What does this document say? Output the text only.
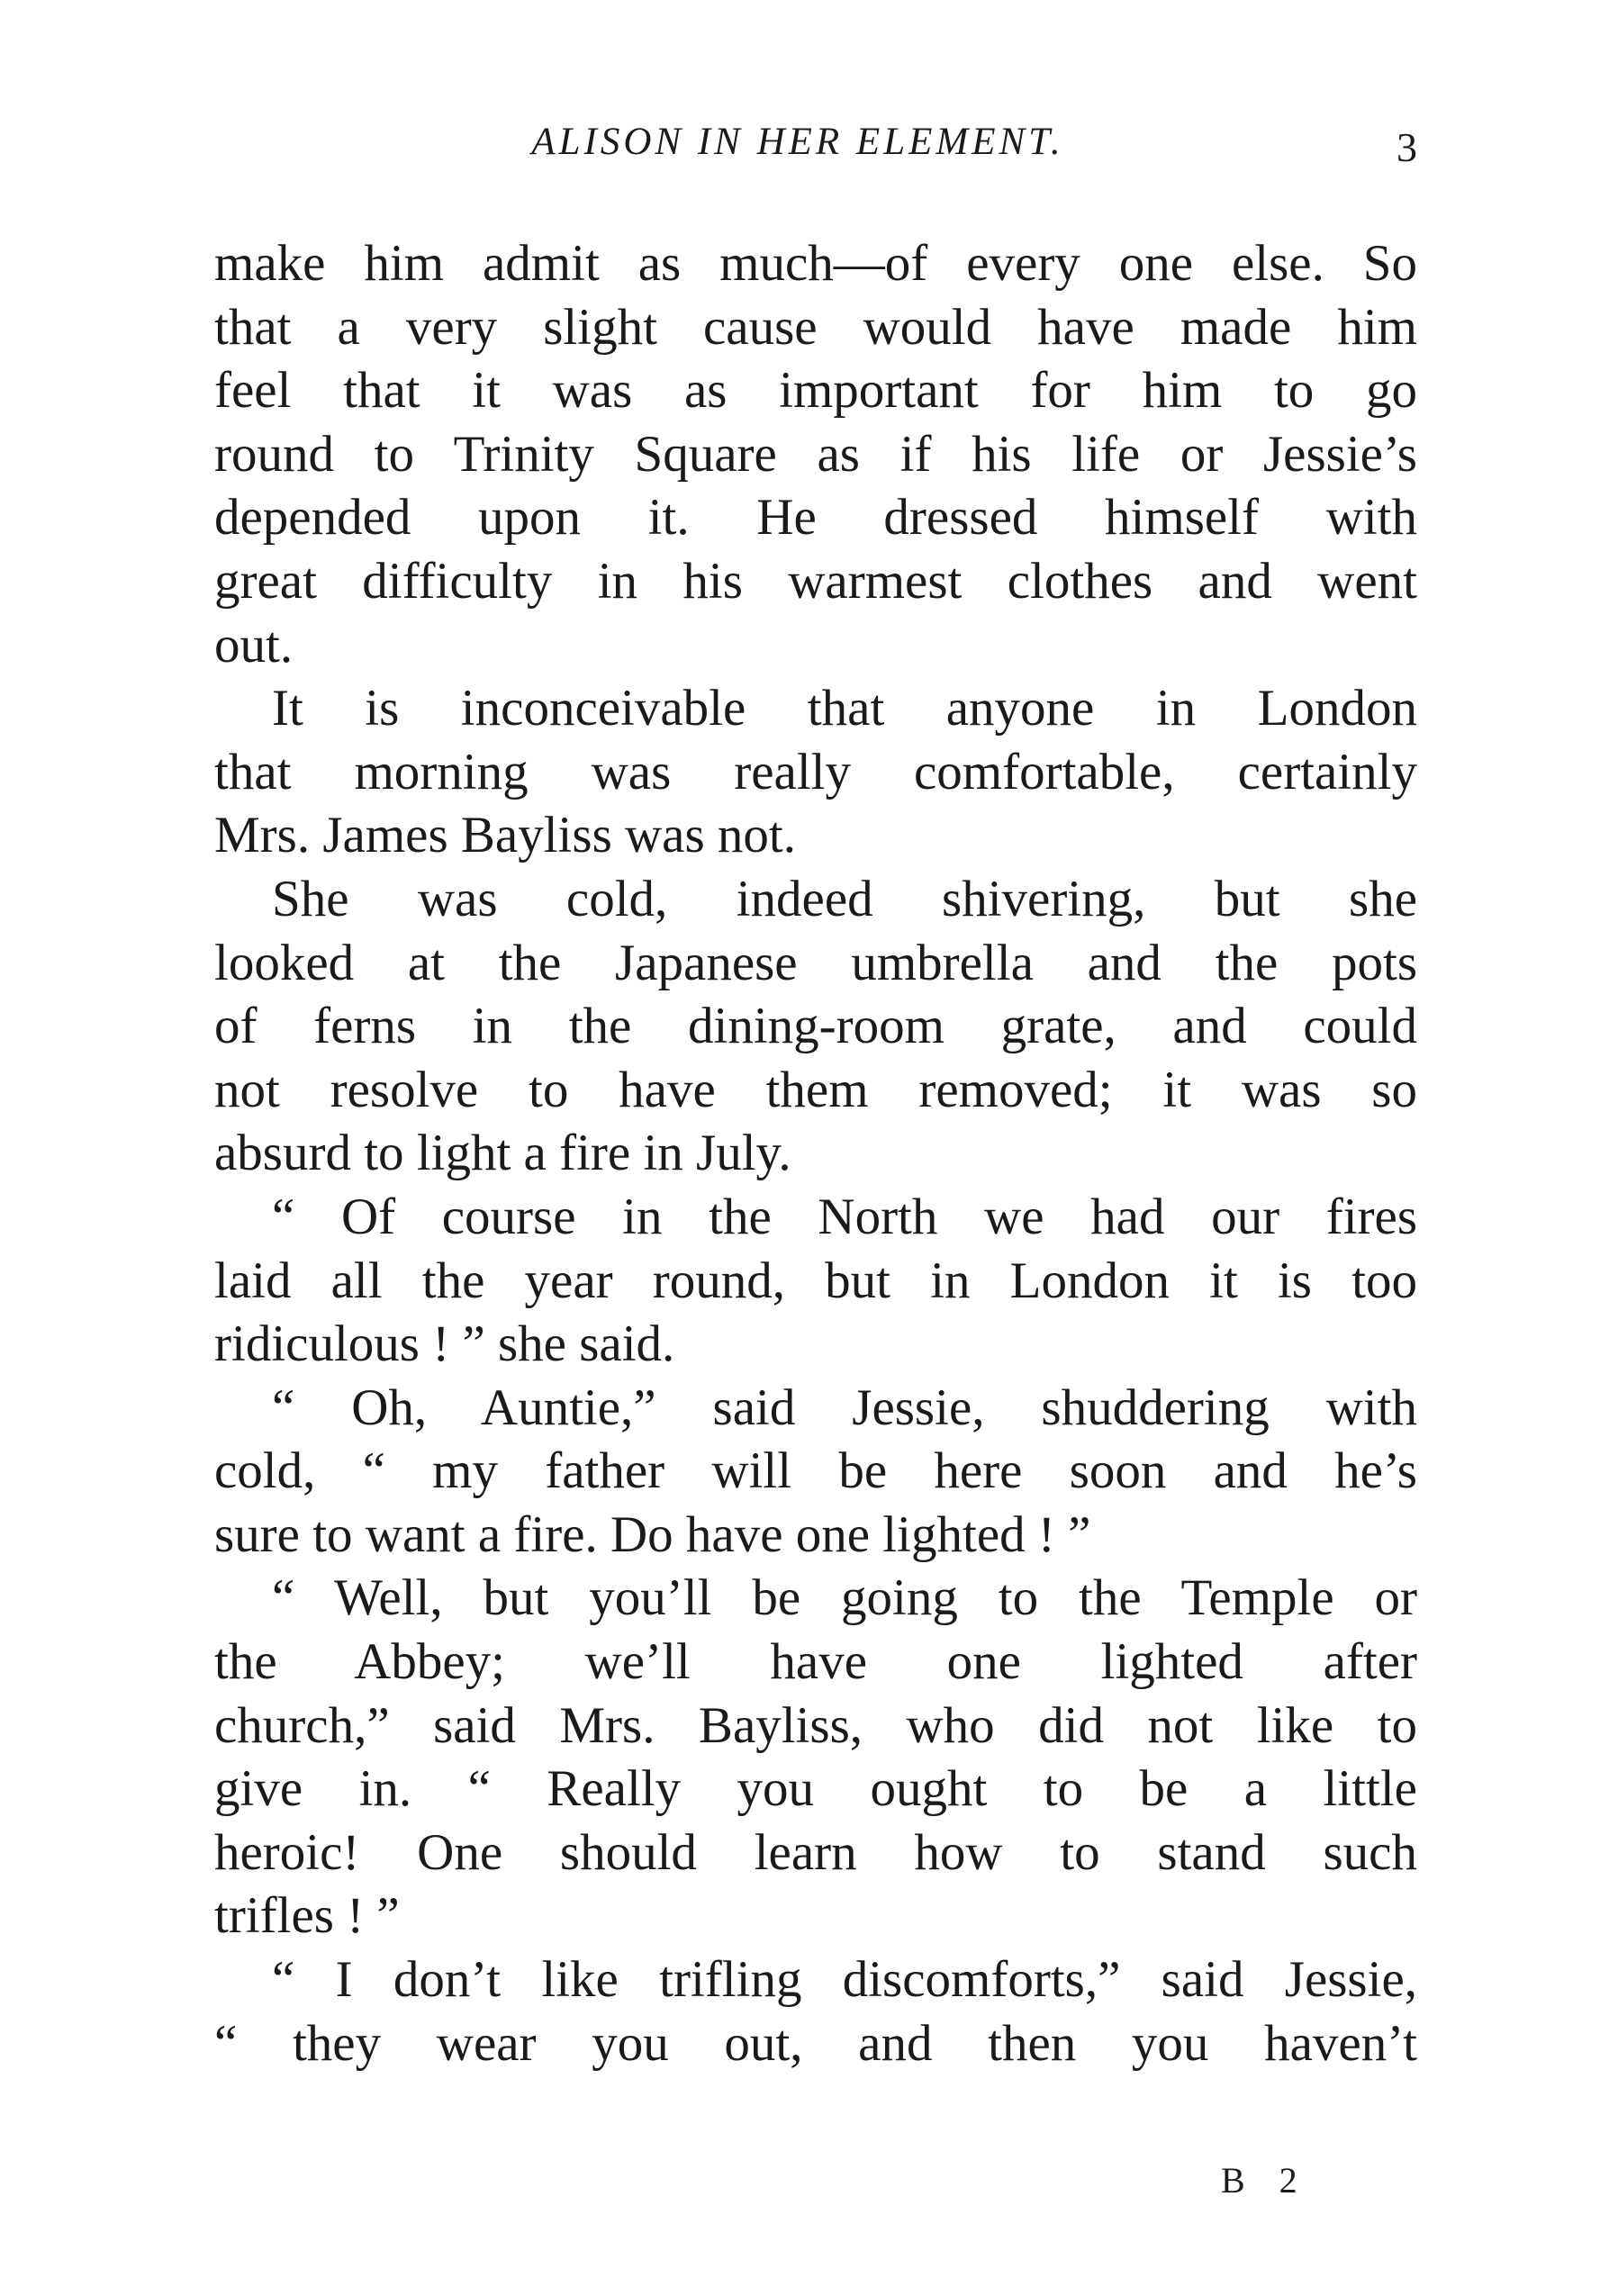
ALISON IN HER ELEMENT.	3
make him admit as much—of every one else. So
that a very slight cause would have made him
feel that it was as important for him to go
round to Trinity Square as if his life or Jessie’s
depended upon it. He dressed himself with
great difficulty in his warmest clothes and went
out.
It is inconceivable that anyone in London
that morning was really comfortable, certainly
Mrs. James Bayliss was not.
She was cold, indeed shivering, but she
looked at the Japanese umbrella and the pots
of ferns in the dining-room grate, and could
not resolve to have them removed; it was so
absurd to light a fire in July.
“ Of course in the North we had our fires
laid all the year round, but in London it is too
ridiculous ! ” she said.
“ Oh, Auntie,” said Jessie, shuddering with
cold, “ my father will be here soon and he’s
sure to want a fire. Do have one lighted ! ”
“ Well, but you’ll be going to the Temple or
the Abbey; we’ll have one lighted after
church,” said Mrs. Bayliss, who did not like to
give in. “ Really you ought to be a little
heroic! One should learn how to stand such
trifles ! ”
“ I don’t like trifling discomforts,” said Jessie,
“ they wear you out, and then you haven’t
B 2
